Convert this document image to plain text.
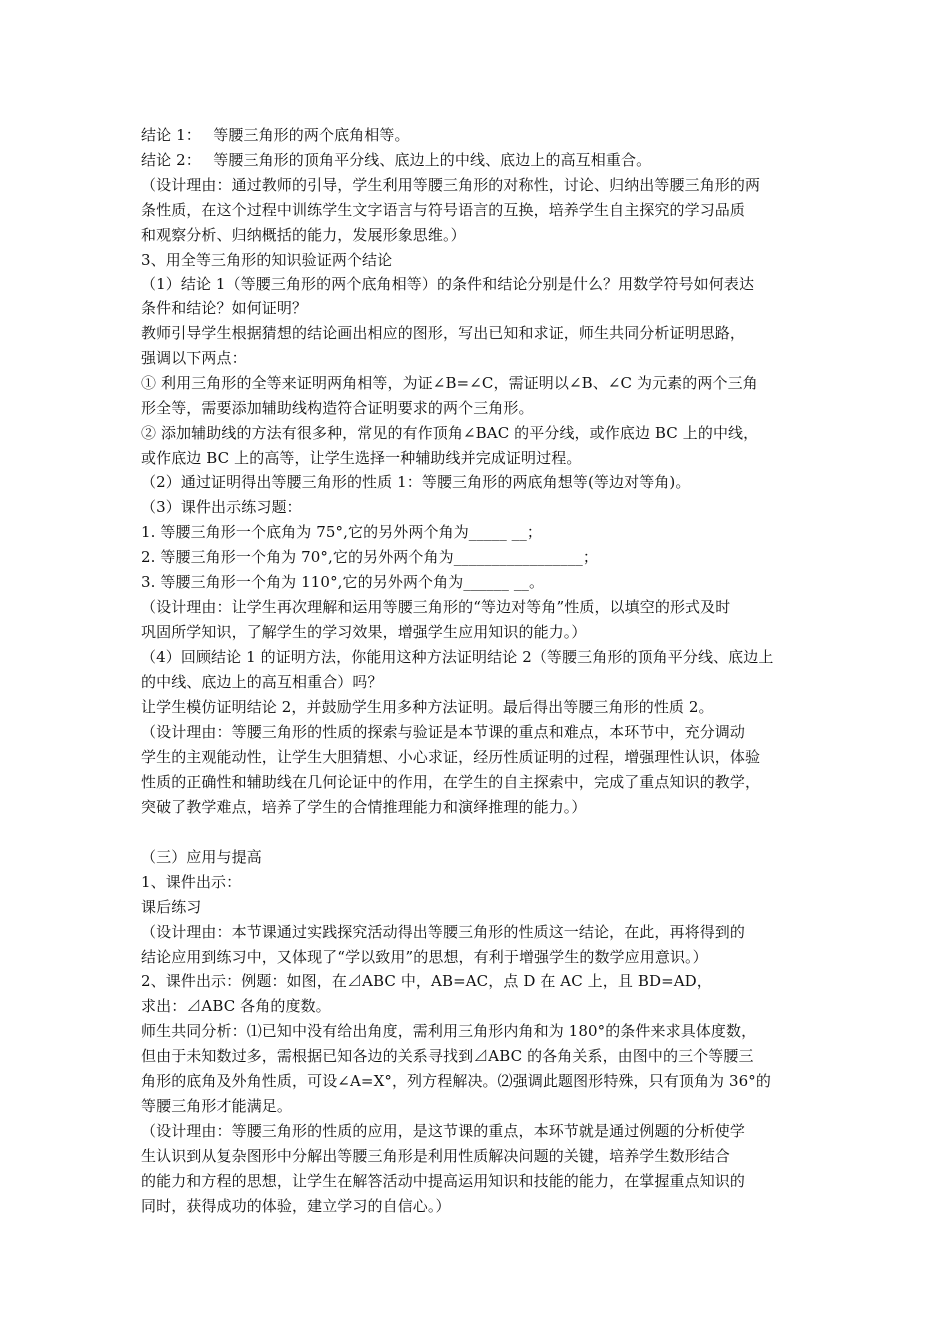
结论 1：　 等腰三角形的两个底角相等。
结论 2：　 等腰三角形的顶角平分线、底边上的中线、底边上的高互相重合。
（设计理由：通过教师的引导，学生利用等腰三角形的对称性，讨论、归纳出等腰三角形的两
条性质，在这个过程中训练学生文字语言与符号语言的互换，培养学生自主探究的学习品质
和观察分析、归纳概括的能力，发展形象思维。）
3、用全等三角形的知识验证两个结论
（1）结论 1（等腰三角形的两个底角相等）的条件和结论分别是什么？用数学符号如何表达
条件和结论？如何证明？
教师引导学生根据猜想的结论画出相应的图形，写出已知和求证，师生共同分析证明思路，
强调以下两点：
① 利用三角形的全等来证明两角相等，为证∠B=∠C，需证明以∠B、∠C 为元素的两个三角
形全等，需要添加辅助线构造符合证明要求的两个三角形。
② 添加辅助线的方法有很多种，常见的有作顶角∠BAC 的平分线，或作底边 BC 上的中线，
或作底边 BC 上的高等，让学生选择一种辅助线并完成证明过程。
（2）通过证明得出等腰三角形的性质 1：等腰三角形的两底角想等(等边对等角)。
（3）课件出示练习题：
1. 等腰三角形一个底角为 75°,它的另外两个角为_____ __；
2. 等腰三角形一个角为 70°,它的另外两个角为_________________；
3. 等腰三角形一个角为 110°,它的另外两个角为______ __。
（设计理由：让学生再次理解和运用等腰三角形的“等边对等角”性质，以填空的形式及时
巩固所学知识，了解学生的学习效果，增强学生应用知识的能力。）
（4）回顾结论 1 的证明方法，你能用这种方法证明结论 2（等腰三角形的顶角平分线、底边上
的中线、底边上的高互相重合）吗？
让学生模仿证明结论 2，并鼓励学生用多种方法证明。最后得出等腰三角形的性质 2。
（设计理由：等腰三角形的性质的探索与验证是本节课的重点和难点，本环节中，充分调动
学生的主观能动性，让学生大胆猜想、小心求证，经历性质证明的过程，增强理性认识，体验
性质的正确性和辅助线在几何论证中的作用，在学生的自主探索中，完成了重点知识的教学，
突破了教学难点，培养了学生的合情推理能力和演绎推理的能力。）
（三）应用与提高
1、课件出示：
课后练习
（设计理由：本节课通过实践探究活动得出等腰三角形的性质这一结论，在此，再将得到的
结论应用到练习中，又体现了“学以致用”的思想，有利于增强学生的数学应用意识。）
2、课件出示：例题：如图，在⊿ABC 中，AB=AC，点 D 在 AC 上，且 BD=AD，
求出：⊿ABC 各角的度数。
师生共同分析：⑴已知中没有给出角度，需利用三角形内角和为 180°的条件来求具体度数，
但由于未知数过多，需根据已知各边的关系寻找到⊿ABC 的各角关系，由图中的三个等腰三
角形的底角及外角性质，可设∠A=X°，列方程解决。⑵强调此题图形特殊，只有顶角为 36°的
等腰三角形才能满足。
（设计理由：等腰三角形的性质的应用，是这节课的重点，本环节就是通过例题的分析使学
生认识到从复杂图形中分解出等腰三角形是利用性质解决问题的关键，培养学生数形结合
的能力和方程的思想，让学生在解答活动中提高运用知识和技能的能力，在掌握重点知识的
同时，获得成功的体验，建立学习的自信心。）
